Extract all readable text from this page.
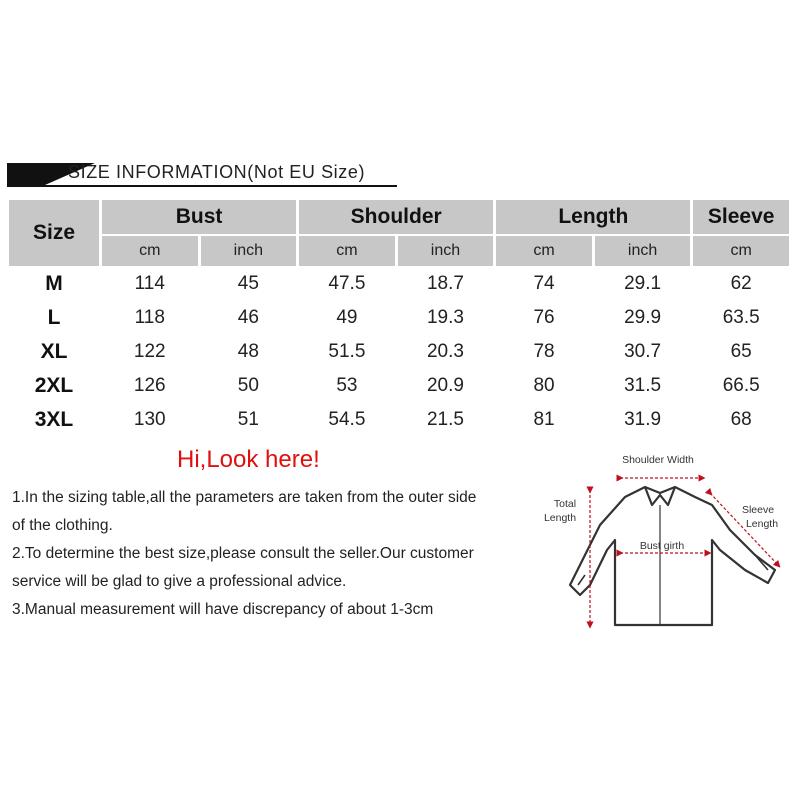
SIZE INFORMATION(Not EU Size)
Size	Bust		Shoulder		Length		Sleeve
	cm	inch	cm	inch	cm	inch	cm
M	114	45	47.5	18.7	74	29.1	62
L	118	46	49	19.3	76	29.9	63.5
XL	122	48	51.5	20.3	78	30.7	65
2XL	126	50	53	20.9	80	31.5	66.5
3XL	130	51	54.5	21.5	81	31.9	68
Hi,Look here!

1.In the sizing table,all the parameters are taken from the outer side

of the clothing.

2.To determine the best size,please consult the seller.Our customer

service will be glad to give a professional advice.

3.Manual measurement will have discrepancy of about 1-3cm

Shoulder Width
Total
Length
Sleeve
Length
Bust girth
